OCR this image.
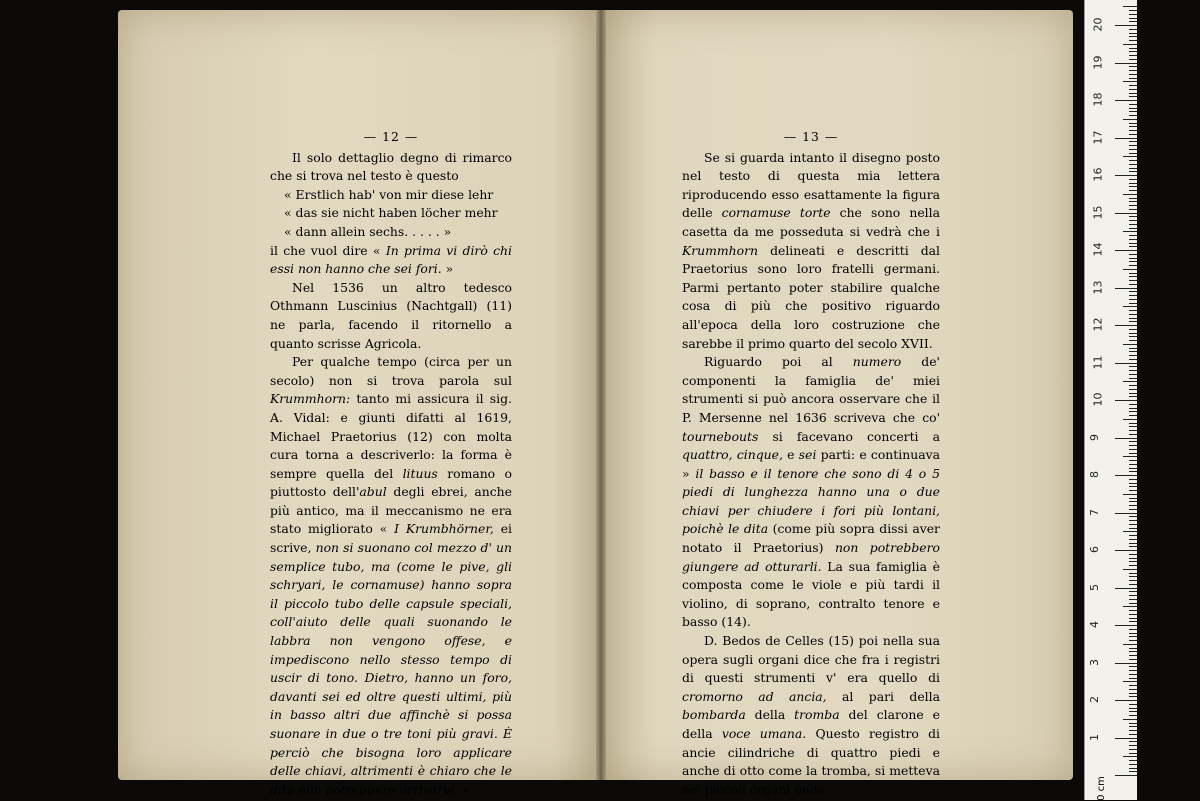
— 12 —

Il solo dettaglio degno di rimarco che si trova nel testo è questo

« Erstlich hab' von mir diese lehr

« das sie nicht haben löcher mehr

« dann allein sechs. . . . . »

il che vuol dire « In prima vi dirò chi essi non hanno che sei fori. »

Nel 1536 un altro tedesco Othmann Luscinius (Nachtgall) (11) ne parla, facendo il ritornello a quanto scrisse Agricola.

Per qualche tempo (circa per un secolo) non si trova parola sul Krummhorn: tanto mi assicura il sig. A. Vidal: e giunti difatti al 1619, Michael Praetorius (12) con molta cura torna a descriverlo: la forma è sempre quella del lituus romano o piuttosto dell'abul degli ebrei, anche più antico, ma il meccanismo ne era stato migliorato « I Krumbhörner, ei scrive, non si suonano col mezzo d' un semplice tubo, ma (come le pive, gli schryari, le cornamuse) hanno sopra il piccolo tubo delle capsule speciali, coll'aiuto delle quali suonando le labbra non vengono offese, e impediscono nello stesso tempo di uscir di tono. Dietro, hanno un foro, davanti sei ed oltre questi ultimi, più in basso altri due affinchè si possa suonare in due o tre toni più gravi. È perciò che bisogna loro applicare delle chiavi, altrimenti è chiaro che le dita non potrebbero arrivarvi. »

— 13 —

Se si guarda intanto il disegno posto nel testo di questa mia lettera riproducendo esso esattamente la figura delle cornamuse torte che sono nella casetta da me posseduta si vedrà che i Krummhorn delineati e descritti dal Praetorius sono loro fratelli germani. Parmi pertanto poter stabilire qualche cosa di più che positivo riguardo all'epoca della loro costruzione che sarebbe il primo quarto del secolo XVII.

Riguardo poi al numero de' componenti la famiglia de' miei strumenti si può ancora osservare che il P. Mersenne nel 1636 scriveva che co' tournebouts si facevano concerti a quattro, cinque, e sei parti: e continuava » il basso e il tenore che sono di 4 o 5 piedi di lunghezza hanno una o due chiavi per chiudere i fori più lontani, poichè le dita (come più sopra dissi aver notato il Praetorius) non potrebbero giungere ad otturarli. La sua famiglia è composta come le viole e più tardi il violino, di soprano, contralto tenore e basso (14).

D. Bedos de Celles (15) poi nella sua opera sugli organi dice che fra i registri di questi strumenti v' era quello di cromorno ad ancia, al pari della bombarda della tromba del clarone e della voce umana. Questo registro di ancie cilindriche di quattro piedi e anche di otto come la tromba, si metteva ne' piccoli organi onde	0 cm
1
2
3
4
5
6
7
8
9
10
11
12
13
14
15
16
17
18
19
20
